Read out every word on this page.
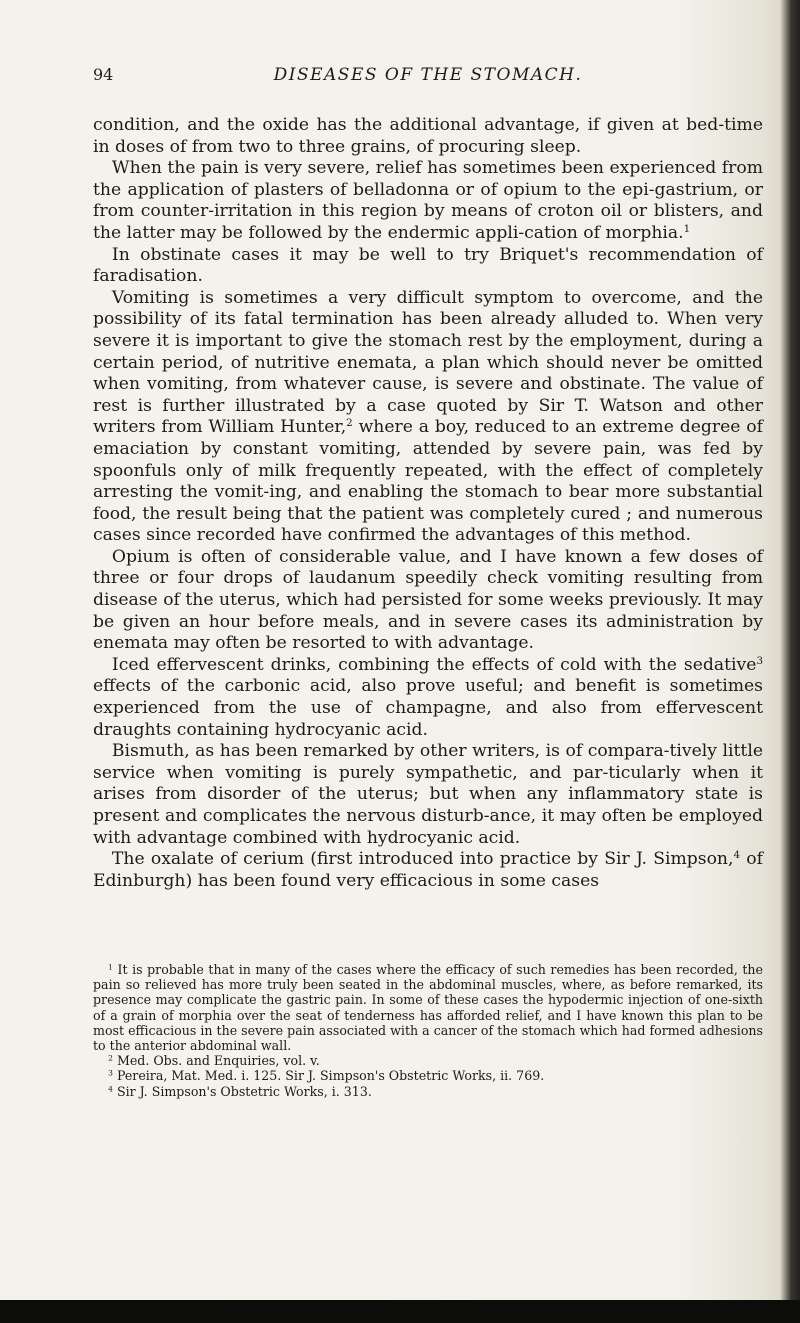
94	DISEASES OF THE STOMACH.

condition, and the oxide has the additional advantage, if given at bed-time in doses of from two to three grains, of procuring sleep.

When the pain is very severe, relief has sometimes been experienced from the application of plasters of belladonna or of opium to the epi-gastrium, or from counter-irritation in this region by means of croton oil or blisters, and the latter may be followed by the endermic appli-cation of morphia.$^1$

In obstinate cases it may be well to try Briquet's recommendation of faradisation.

Vomiting is sometimes a very difficult symptom to overcome, and the possibility of its fatal termination has been already alluded to. When very severe it is important to give the stomach rest by the employment, during a certain period, of nutritive enemata, a plan which should never be omitted when vomiting, from whatever cause, is severe and obstinate. The value of rest is further illustrated by a case quoted by Sir T. Watson and other writers from William Hunter,$^2$ where a boy, reduced to an extreme degree of emaciation by constant vomiting, attended by severe pain, was fed by spoonfuls only of milk frequently repeated, with the effect of completely arresting the vomit-ing, and enabling the stomach to bear more substantial food, the result being that the patient was completely cured ; and numerous cases since recorded have confirmed the advantages of this method.

Opium is often of considerable value, and I have known a few doses of three or four drops of laudanum speedily check vomiting resulting from disease of the uterus, which had persisted for some weeks previously. It may be given an hour before meals, and in severe cases its administration by enemata may often be resorted to with advantage.

Iced effervescent drinks, combining the effects of cold with the sedative$^3$ effects of the carbonic acid, also prove useful; and benefit is sometimes experienced from the use of champagne, and also from effervescent draughts containing hydrocyanic acid.

Bismuth, as has been remarked by other writers, is of compara-tively little service when vomiting is purely sympathetic, and par-ticularly when it arises from disorder of the uterus; but when any inflammatory state is present and complicates the nervous disturb-ance, it may often be employed with advantage combined with hydrocyanic acid.

The oxalate of cerium (first introduced into practice by Sir J. Simpson,$^4$ of Edinburgh) has been found very efficacious in some cases

$^1$ It is probable that in many of the cases where the efficacy of such remedies has been recorded, the pain so relieved has more truly been seated in the abdominal muscles, where, as before remarked, its presence may complicate the gastric pain. In some of these cases the hypodermic injection of one-sixth of a grain of morphia over the seat of tenderness has afforded relief, and I have known this plan to be most efficacious in the severe pain associated with a cancer of the stomach which had formed adhesions to the anterior abdominal wall.

$^2$ Med. Obs. and Enquiries, vol. v.

$^3$ Pereira, Mat. Med. i. 125. Sir J. Simpson's Obstetric Works, ii. 769.

$^4$ Sir J. Simpson's Obstetric Works, i. 313.
